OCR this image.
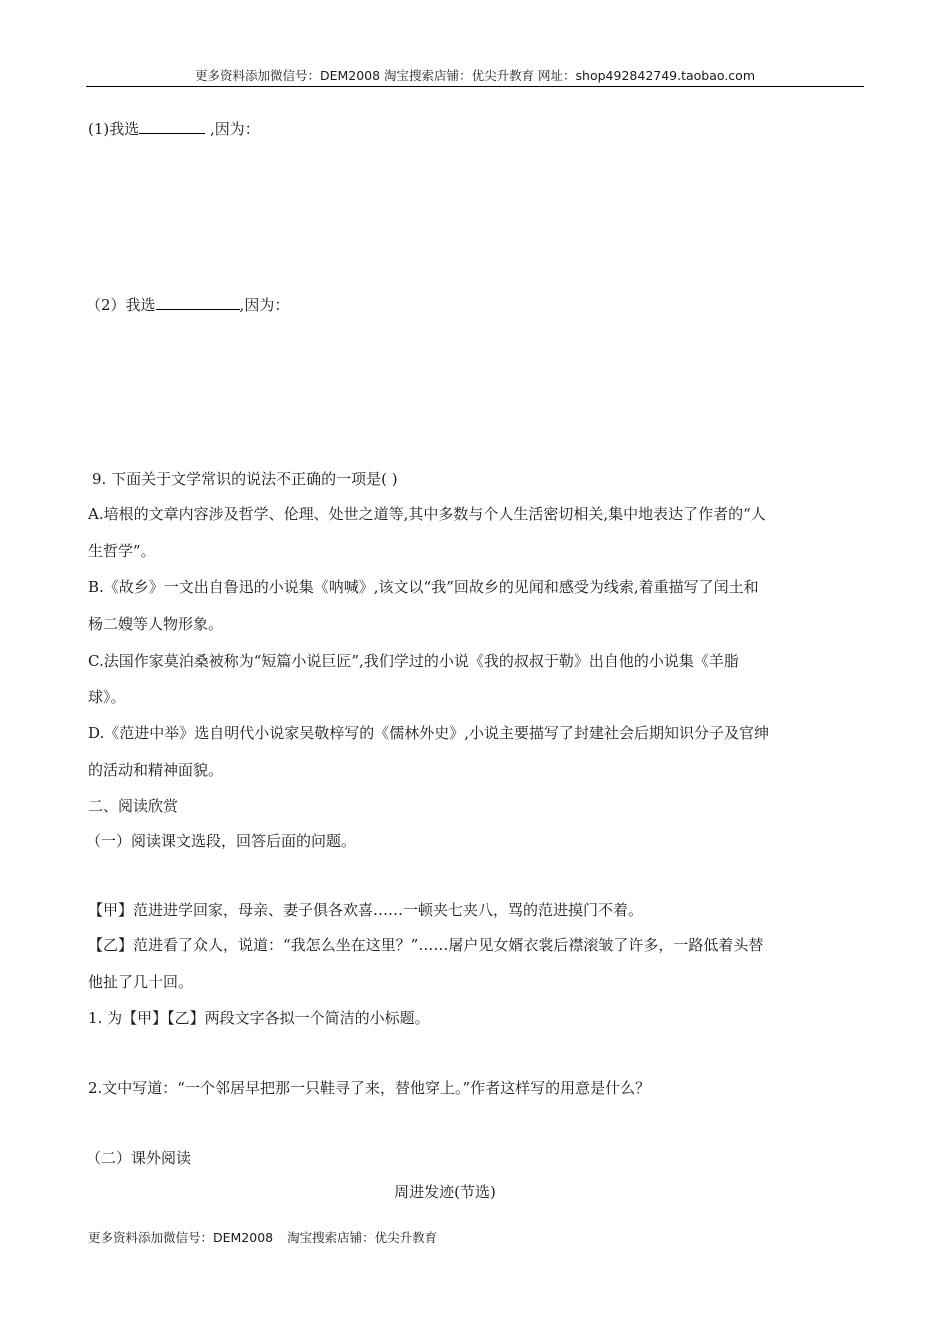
更多资料添加微信号：DEM2008 淘宝搜索店铺：优尖升教育 网址：shop492842749.taobao.com
(1)我选	,因为：
（2）我选	,因为：
9. 下面关于文学常识的说法不正确的一项是( )
A.培根的文章内容涉及哲学、伦理、处世之道等,其中多数与个人生活密切相关,集中地表达了作者的“人
生哲学”。
B.《故乡》一文出自鲁迅的小说集《呐喊》,该文以“我”回故乡的见闻和感受为线索,着重描写了闰土和
杨二嫂等人物形象。
C.法国作家莫泊桑被称为“短篇小说巨匠”,我们学过的小说《我的叔叔于勒》出自他的小说集《羊脂
球》。
D.《范进中举》选自明代小说家吴敬梓写的《儒林外史》,小说主要描写了封建社会后期知识分子及官绅
的活动和精神面貌。
二、阅读欣赏
（一）阅读课文选段，回答后面的问题。
【甲】范进进学回家，母亲、妻子俱各欢喜……一顿夹七夹八，骂的范进摸门不着。
【乙】范进看了众人，说道：“我怎么坐在这里？”……屠户见女婿衣裳后襟滚皱了许多，一路低着头替
他扯了几十回。
1. 为【甲】【乙】两段文字各拟一个简洁的小标题。
2.文中写道：“一个邻居早把那一只鞋寻了来，替他穿上。”作者这样写的用意是什么？
（二）课外阅读
周进发迹(节选)
更多资料添加微信号：DEM2008 淘宝搜索店铺：优尖升教育
